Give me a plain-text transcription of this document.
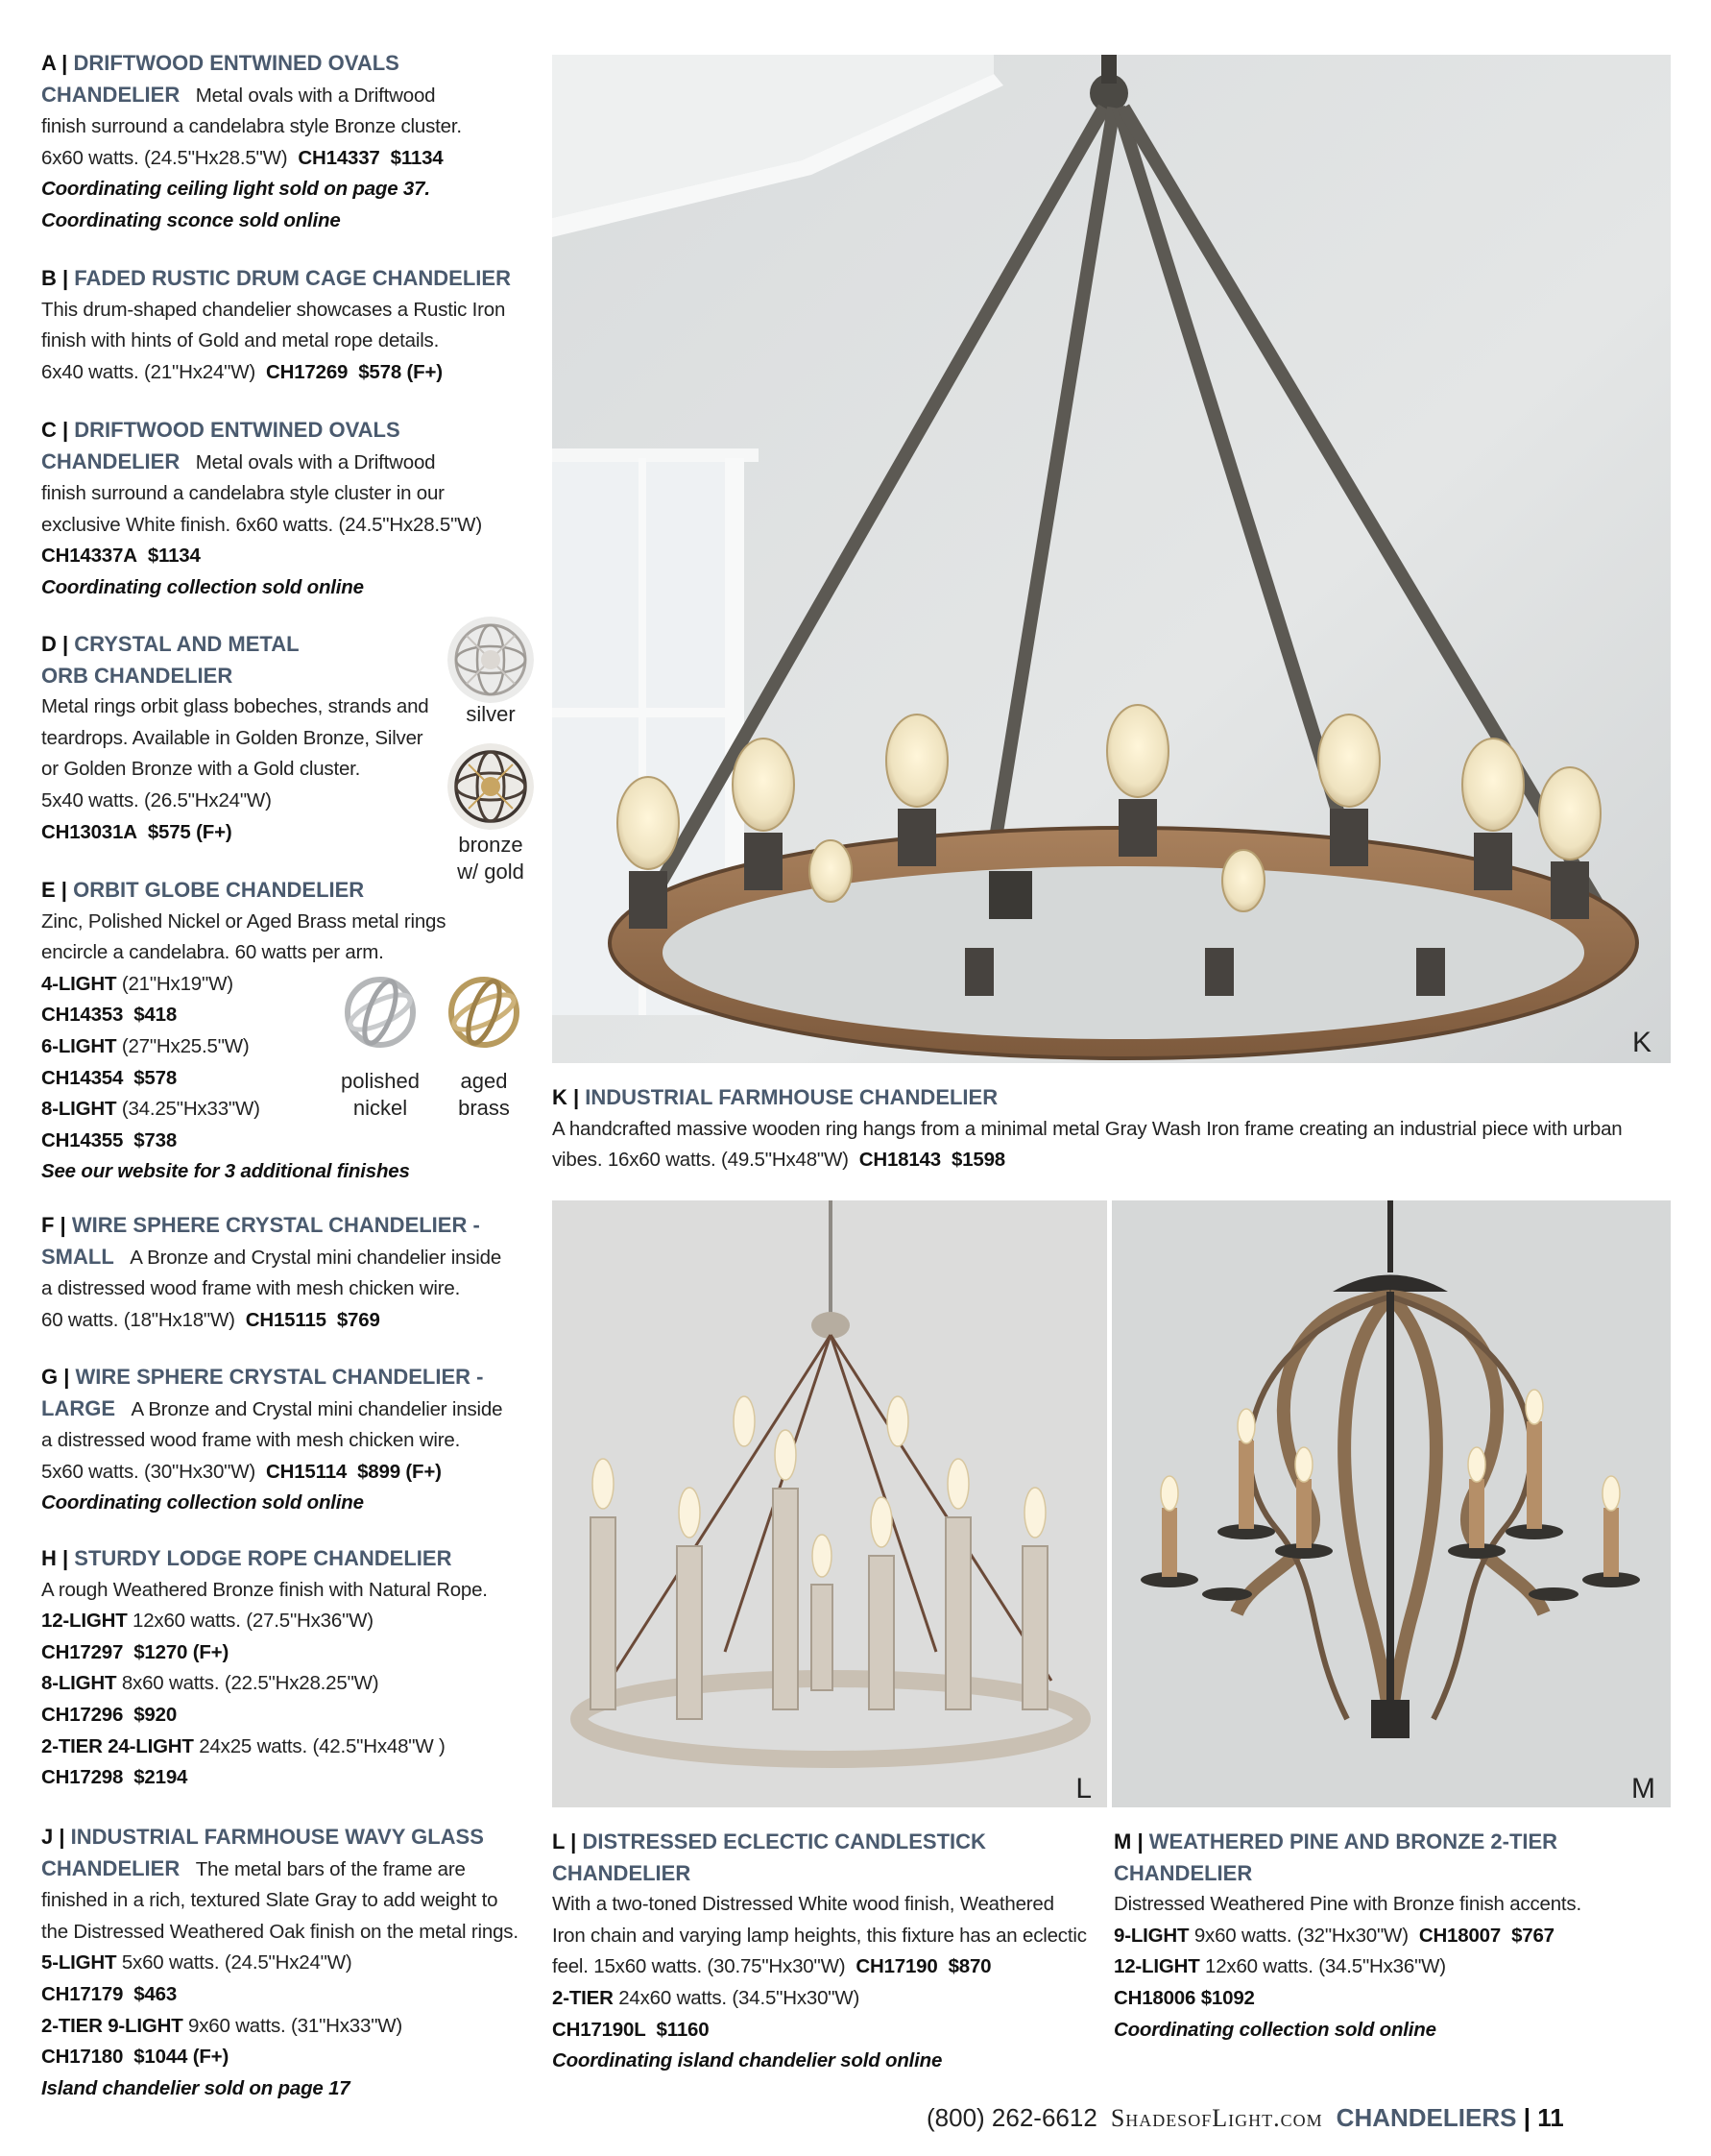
A | DRIFTWOOD ENTWINED OVALS

CHANDELIER Metal ovals with a Driftwood

finish surround a candelabra style Bronze cluster.

6x60 watts. (24.5"Hx28.5"W) CH14337 $1134

Coordinating ceiling light sold on page 37.

Coordinating sconce sold online

B | FADED RUSTIC DRUM CAGE CHANDELIER

This drum-shaped chandelier showcases a Rustic Iron

finish with hints of Gold and metal rope details.

6x40 watts. (21"Hx24"W) CH17269 $578 (F+)

C | DRIFTWOOD ENTWINED OVALS

CHANDELIER Metal ovals with a Driftwood

finish surround a candelabra style cluster in our

exclusive White finish. 6x60 watts. (24.5"Hx28.5"W)

CH14337A $1134

Coordinating collection sold online

D | CRYSTAL AND METAL

ORB CHANDELIER

Metal rings orbit glass bobeches, strands and

teardrops. Available in Golden Bronze, Silver

or Golden Bronze with a Gold cluster.

5x40 watts. (26.5"Hx24"W)

CH13031A $575 (F+)

silver
bronze
w/ gold

E | ORBIT GLOBE CHANDELIER

Zinc, Polished Nickel or Aged Brass metal rings

encircle a candelabra. 60 watts per arm.

4-LIGHT (21"Hx19"W)

CH14353 $418

6-LIGHT (27"Hx25.5"W)

CH14354 $578

8-LIGHT (34.25"Hx33"W)

CH14355 $738

See our website for 3 additional finishes

polished
nickel
aged
brass

F | WIRE SPHERE CRYSTAL CHANDELIER -

SMALL A Bronze and Crystal mini chandelier inside

a distressed wood frame with mesh chicken wire.

60 watts. (18"Hx18"W) CH15115 $769

G | WIRE SPHERE CRYSTAL CHANDELIER -

LARGE A Bronze and Crystal mini chandelier inside

a distressed wood frame with mesh chicken wire.

5x60 watts. (30"Hx30"W) CH15114 $899 (F+)

Coordinating collection sold online

H | STURDY LODGE ROPE CHANDELIER

A rough Weathered Bronze finish with Natural Rope.

12-LIGHT 12x60 watts. (27.5"Hx36"W)

CH17297 $1270 (F+)

8-LIGHT 8x60 watts. (22.5"Hx28.25"W)

CH17296 $920

2-TIER 24-LIGHT 24x25 watts. (42.5"Hx48"W )

CH17298 $2194

J | INDUSTRIAL FARMHOUSE WAVY GLASS

CHANDELIER The metal bars of the frame are

finished in a rich, textured Slate Gray to add weight to

the Distressed Weathered Oak finish on the metal rings.

5-LIGHT 5x60 watts. (24.5"Hx24"W)

CH17179 $463

2-TIER 9-LIGHT 9x60 watts. (31"Hx33"W)

CH17180 $1044 (F+)

Island chandelier sold on page 17

K

K | INDUSTRIAL FARMHOUSE CHANDELIER

A handcrafted massive wooden ring hangs from a minimal metal Gray Wash Iron frame creating an industrial piece with urban

vibes. 16x60 watts. (49.5"Hx48"W) CH18143 $1598

L

L | DISTRESSED ECLECTIC CANDLESTICK

CHANDELIER

With a two-toned Distressed White wood finish, Weathered

Iron chain and varying lamp heights, this fixture has an eclectic

feel. 15x60 watts. (30.75"Hx30"W) CH17190 $870

2-TIER 24x60 watts. (34.5"Hx30"W)

CH17190L $1160

Coordinating island chandelier sold online

M

M | WEATHERED PINE AND BRONZE 2-TIER

CHANDELIER

Distressed Weathered Pine with Bronze finish accents.

9-LIGHT 9x60 watts. (32"Hx30"W) CH18007 $767

12-LIGHT 12x60 watts. (34.5"Hx36"W)

CH18006 $1092

Coordinating collection sold online

(800) 262-6612 ShadesofLight.com CHANDELIERS | 11
